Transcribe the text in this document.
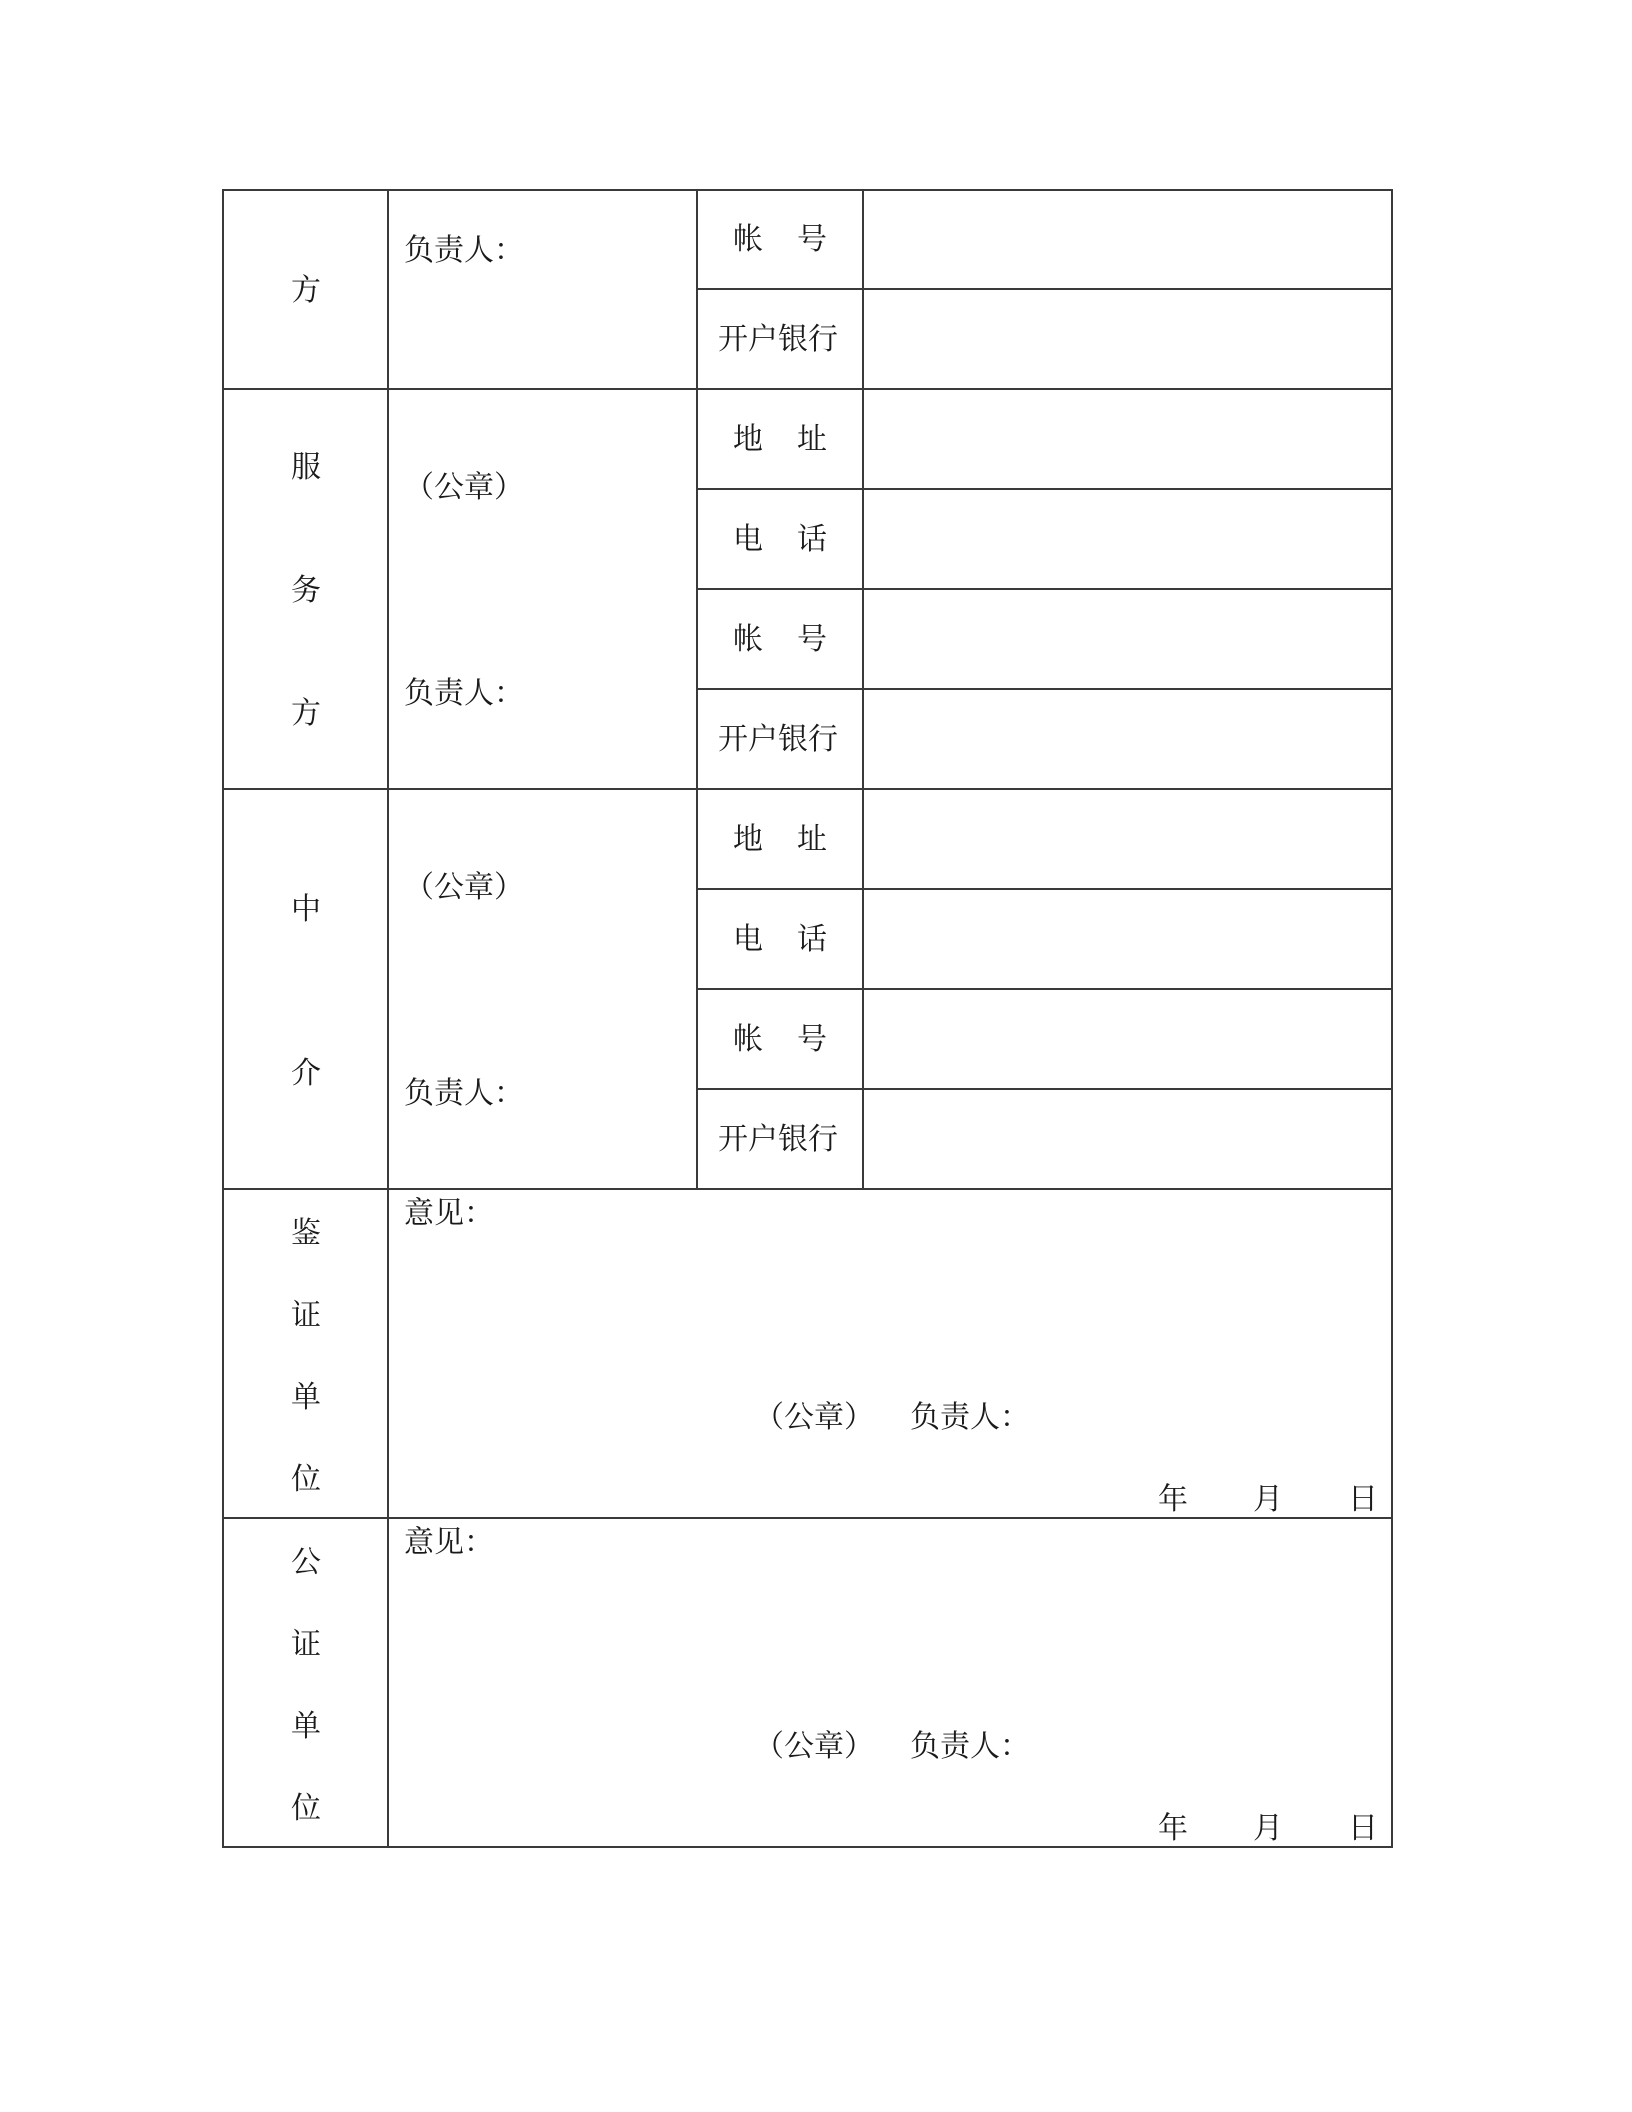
方
负责人：	帐 号
开户银行
服
务
方
（公章）
负责人：
地 址
电 话
帐 号
开户银行
中
介
（公章）
负责人：
地 址
电 话
帐 号
开户银行
鉴
证
单
位
意见：
（公章） 负责人：
年 月 日
公
证
单
位
意见：
（公章） 负责人：
年 月 日
